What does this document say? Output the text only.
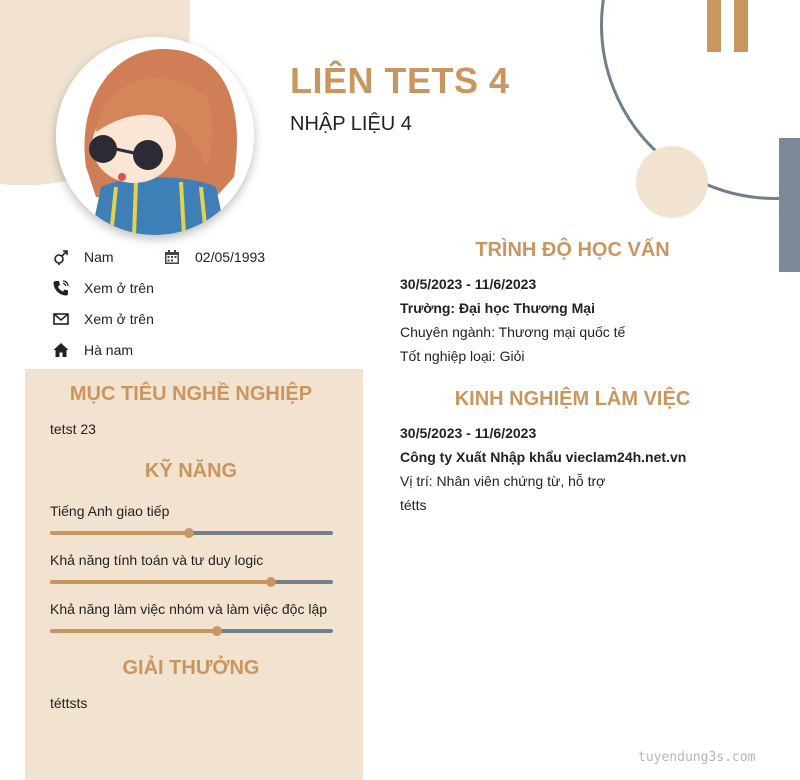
LIÊN TETS 4
NHẬP LIỆU 4
Nam	02/05/1993
Xem ở trên
Xem ở trên
Hà nam
MỤC TIÊU NGHỀ NGHIỆP
tetst 23
KỸ NĂNG
Tiếng Anh giao tiếp
Khả năng tính toán và tư duy logic
Khả năng làm việc nhóm và làm việc độc lập
GIẢI THƯỞNG
téttsts
TRÌNH ĐỘ HỌC VẤN
30/5/2023 - 11/6/2023
Trường: Đại học Thương Mại
Chuyên ngành: Thương mại quốc tế
Tốt nghiệp loại: Giỏi
KINH NGHIỆM LÀM VIỆC
30/5/2023 - 11/6/2023
Công ty Xuất Nhập khẩu vieclam24h.net.vn
Vị trí: Nhân viên chứng từ, hỗ trợ
tétts
tuyendung3s.com
